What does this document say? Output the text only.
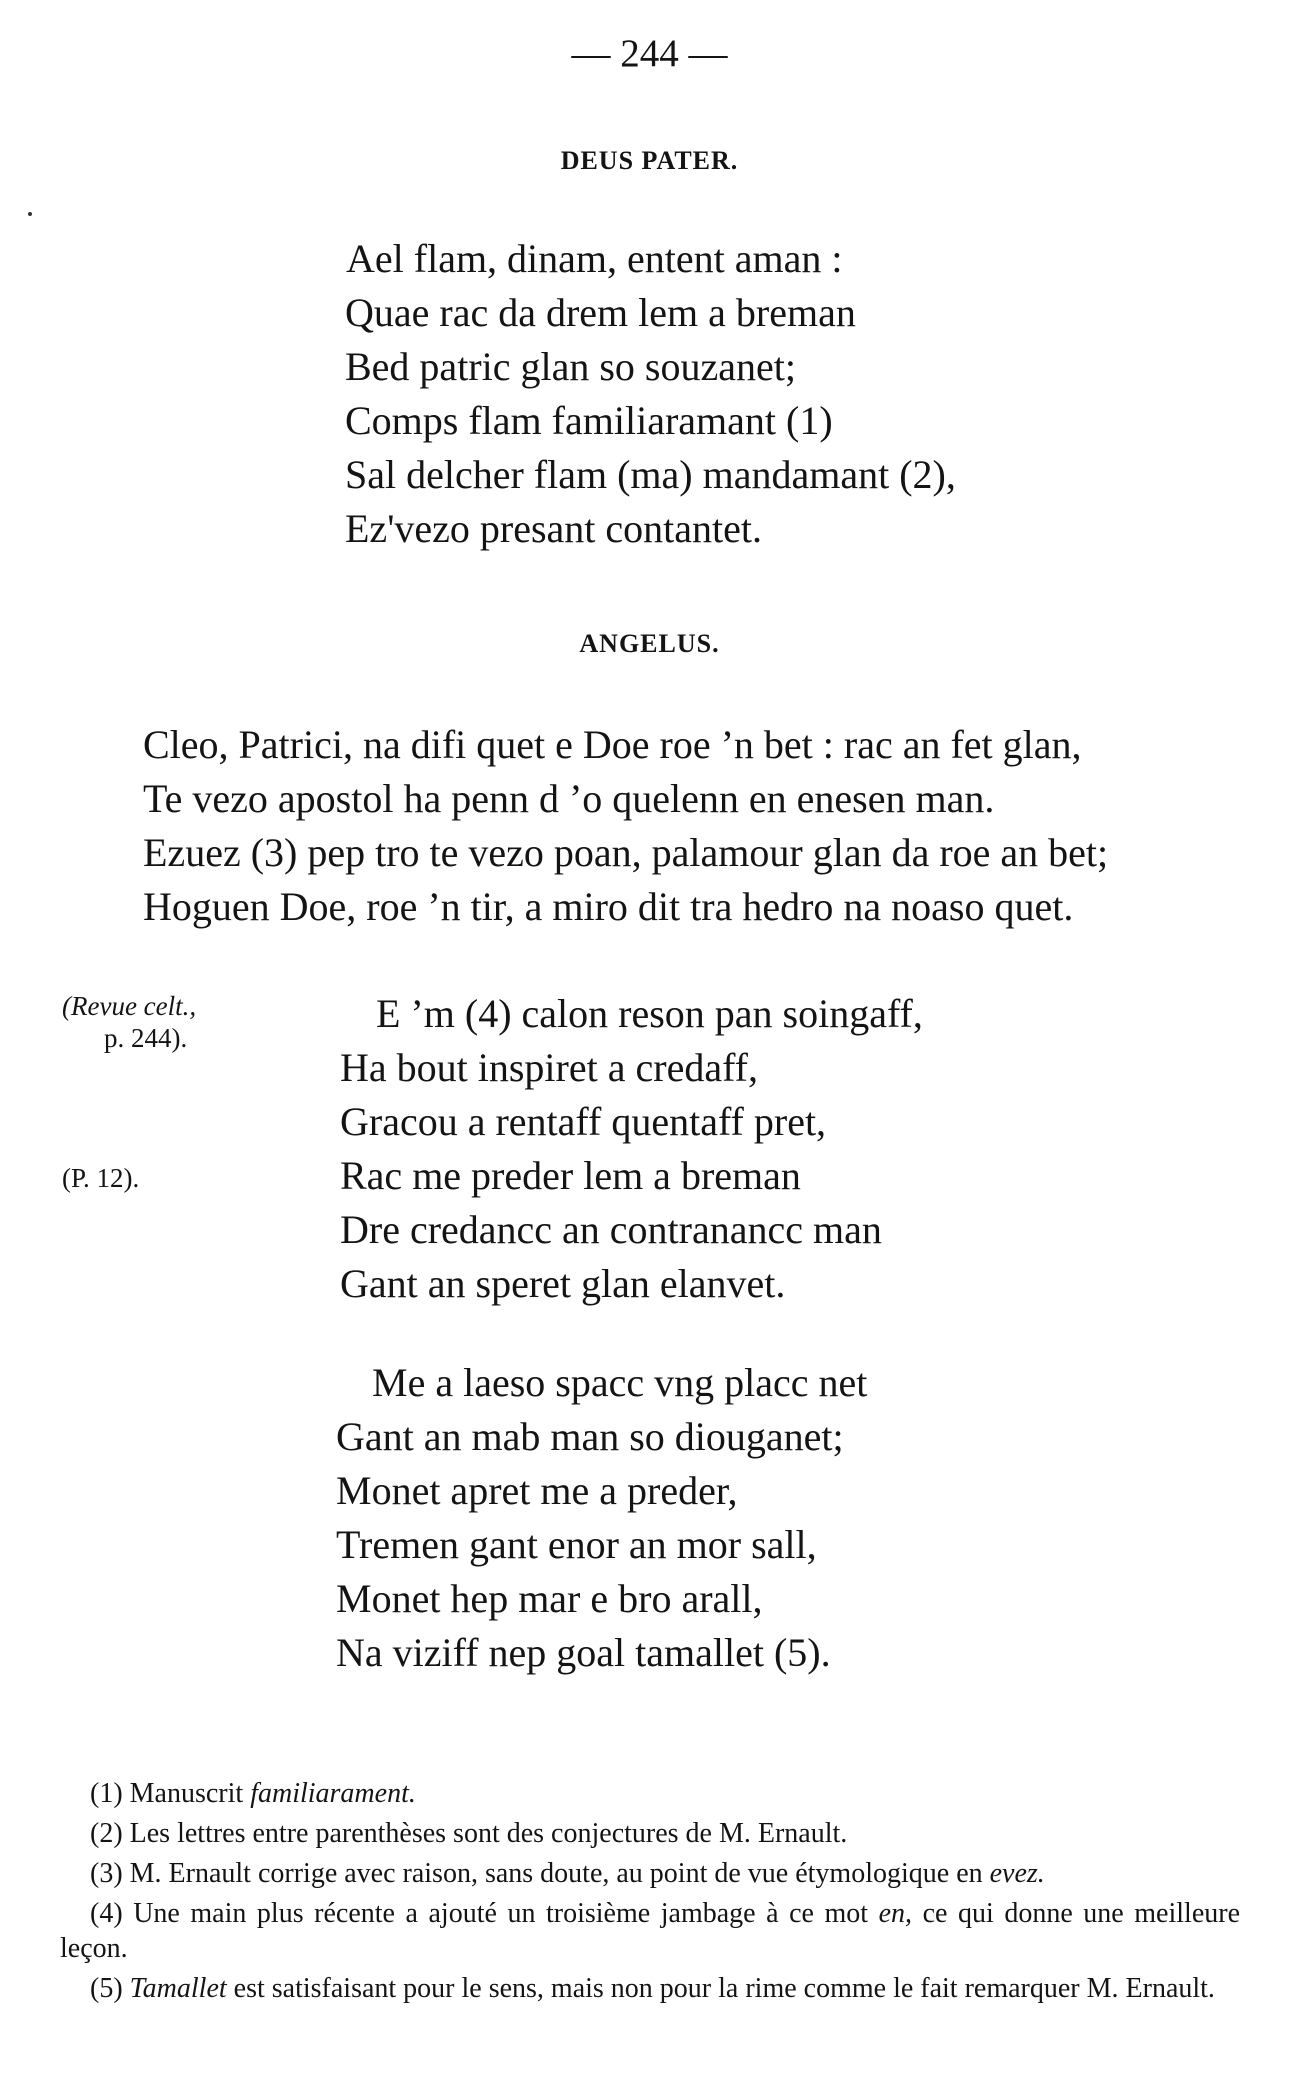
— 244 —
DEUS PATER.
Ael flam, dinam, entent aman :
Quae rac da drem lem a breman
Bed patric glan so souzanet;
Comps flam familiaramant (1)
Sal delcher flam (ma) mandamant (2),
Ez'vezo presant contantet.
ANGELUS.
Cleo, Patrici, na difi quet e Doe roe ’n bet : rac an fet glan,
Te vezo apostol ha penn d ’o quelenn en enesen man.
Ezuez (3) pep tro te vezo poan, palamour glan da roe an bet;
Hoguen Doe, roe ’n tir, a miro dit tra hedro na noaso quet.
(Revue celt.,
p. 244).
(P. 12).
E ’m (4) calon reson pan soingaff,
Ha bout inspiret a credaff,
Gracou a rentaff quentaff pret,
Rac me preder lem a breman
Dre credancc an contranancc man
Gant an speret glan elanvet.
Me a laeso spacc vng placc net
Gant an mab man so diouganet;
Monet apret me a preder,
Tremen gant enor an mor sall,
Monet hep mar e bro arall,
Na viziff nep goal tamallet (5).

(1) Manuscrit familiarament.

(2) Les lettres entre parenthèses sont des conjectures de M. Ernault.

(3) M. Ernault corrige avec raison, sans doute, au point de vue étymologique en evez.

(4) Une main plus récente a ajouté un troisième jambage à ce mot en, ce qui donne une meilleure leçon.

(5) Tamallet est satisfaisant pour le sens, mais non pour la rime comme le fait remarquer M. Ernault.
